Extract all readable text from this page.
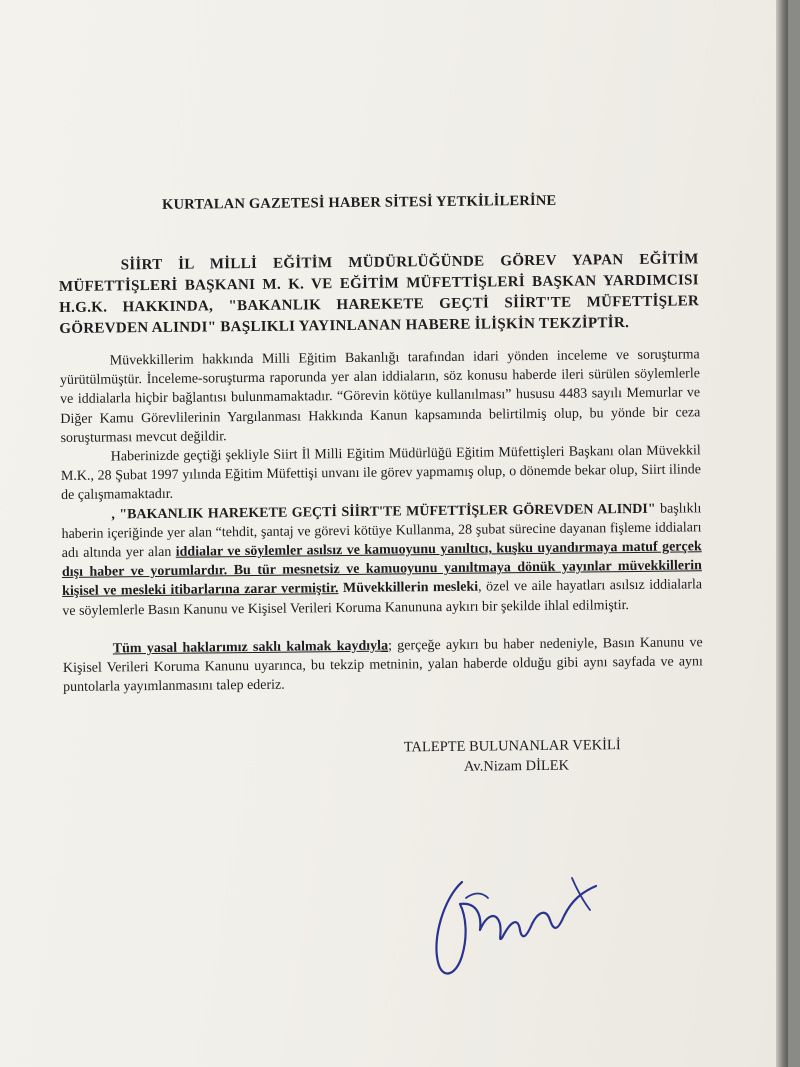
KURTALAN GAZETESİ HABER SİTESİ YETKİLİLERİNE

SİİRT İL MİLLİ EĞİTİM MÜDÜRLÜĞÜNDE GÖREV YAPAN EĞİTİM MÜFETTİŞLERİ BAŞKANI M. K. VE EĞİTİM MÜFETTİŞLERİ BAŞKAN YARDIMCISI H.G.K. HAKKINDA, "BAKANLIK HAREKETE GEÇTİ SİİRT'TE MÜFETTİŞLER GÖREVDEN ALINDI" BAŞLIKLI YAYINLANAN HABERE İLİŞKİN TEKZİPTİR.

Müvekkillerim hakkında Milli Eğitim Bakanlığı tarafından idari yönden inceleme ve soruşturma yürütülmüştür. İnceleme-soruşturma raporunda yer alan iddiaların, söz konusu haberde ileri sürülen söylemlerle ve iddialarla hiçbir bağlantısı bulunmamaktadır. “Görevin kötüye kullanılması” hususu 4483 sayılı Memurlar ve Diğer Kamu Görevlilerinin Yargılanması Hakkında Kanun kapsamında belirtilmiş olup, bu yönde bir ceza soruşturması mevcut değildir.

Haberinizde geçtiği şekliyle Siirt İl Milli Eğitim Müdürlüğü Eğitim Müfettişleri Başkanı olan Müvekkil M.K., 28 Şubat 1997 yılında Eğitim Müfettişi unvanı ile görev yapmamış olup, o dönemde bekar olup, Siirt ilinde de çalışmamaktadır.

, "BAKANLIK HAREKETE GEÇTİ SİİRT'TE MÜFETTİŞLER GÖREVDEN ALINDI" başlıklı haberin içeriğinde yer alan “tehdit, şantaj ve görevi kötüye Kullanma, 28 şubat sürecine dayanan fişleme iddiaları adı altında yer alan iddialar ve söylemler asılsız ve kamuoyunu yanıltıcı, kuşku uyandırmaya matuf gerçek dışı haber ve yorumlardır. Bu tür mesnetsiz ve kamuoyunu yanıltmaya dönük yayınlar müvekkillerin kişisel ve mesleki itibarlarına zarar vermiştir. Müvekkillerin mesleki, özel ve aile hayatları asılsız iddialarla ve söylemlerle Basın Kanunu ve Kişisel Verileri Koruma Kanununa aykırı bir şekilde ihlal edilmiştir.

Tüm yasal haklarımız saklı kalmak kaydıyla; gerçeğe aykırı bu haber nedeniyle, Basın Kanunu ve Kişisel Verileri Koruma Kanunu uyarınca, bu tekzip metninin, yalan haberde olduğu gibi aynı sayfada ve aynı puntolarla yayımlanmasını talep ederiz.

TALEPTE BULUNANLAR VEKİLİ
Av.Nizam DİLEK
